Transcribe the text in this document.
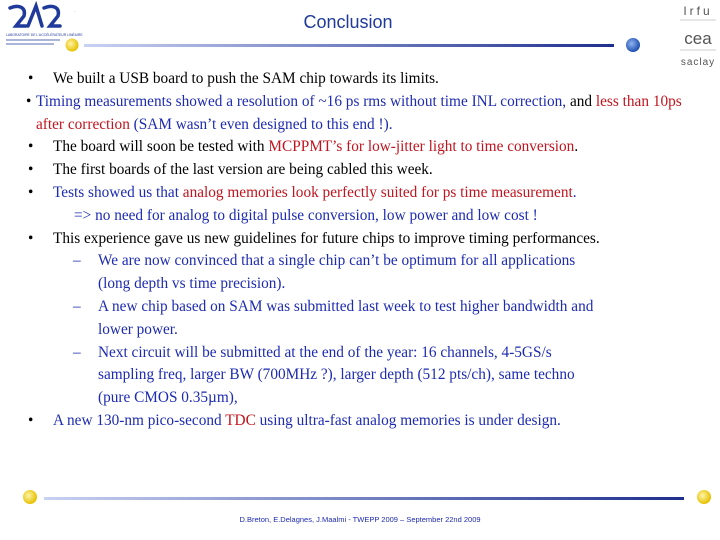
LAL
LABORATOIRE DE L'ACCÉLÉRATEUR LINÉAIRE
Conclusion
Irfu
cea
saclay

• We built a USB board to push the SAM chip towards its limits.

• Timing measurements showed a resolution of ~16 ps rms without time INL correction, and less than 10ps after correction (SAM wasn’t even designed to this end !).

• The board will soon be tested with MCPPMT’s for low-jitter light to time conversion.

• The first boards of the last version are being cabled this week.

• Tests showed us that analog memories look perfectly suited for ps time measurement.

=> no need for analog to digital pulse conversion, low power and low cost !

• This experience gave us new guidelines for future chips to improve timing performances.

– We are now convinced that a single chip can’t be optimum for all applications
(long depth vs time precision).

– A new chip based on SAM was submitted last week to test higher bandwidth and
lower power.

– Next circuit will be submitted at the end of the year: 16 channels, 4-5GS/s
sampling freq, larger BW (700MHz ?), larger depth (512 pts/ch), same techno
(pure CMOS 0.35µm),

• A new 130-nm pico-second TDC using ultra-fast analog memories is under design.

D.Breton, E.Delagnes, J.Maalmi - TWEPP 2009 – September 22nd 2009
